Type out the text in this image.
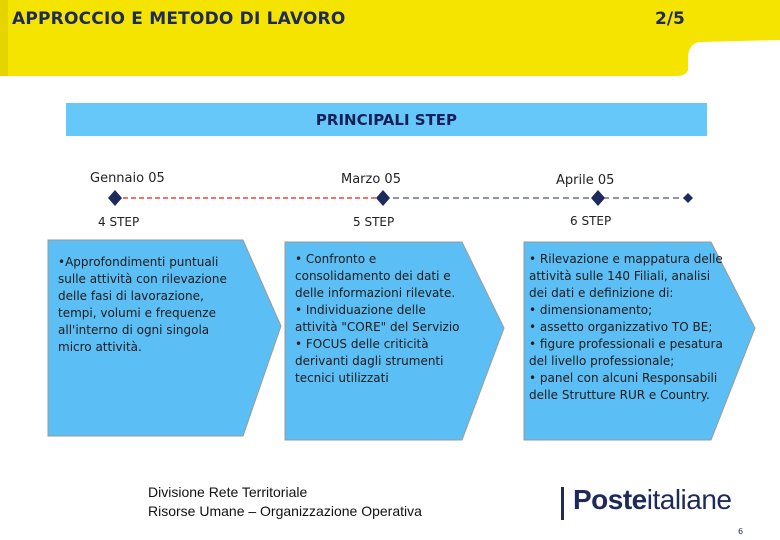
APPROCCIO E METODO DI LAVORO	2/5
PRINCIPALI STEP
Gennaio 05	Marzo 05	Aprile 05
4 STEP	5 STEP	6 STEP
•Approfondimenti puntuali
sulle attività con rilevazione
delle fasi di lavorazione,
tempi, volumi e frequenze
all'interno di ogni singola
micro attività.
• Confronto e
consolidamento dei dati e
delle informazioni rilevate.
• Individuazione delle
attività "CORE" del Servizio
• FOCUS delle criticità
derivanti dagli strumenti
tecnici utilizzati
• Rilevazione e mappatura delle
attività sulle 140 Filiali, analisi
dei dati e definizione di:
• dimensionamento;
• assetto organizzativo TO BE;
• figure professionali e pesatura
del livello professionale;
• panel con alcuni Responsabili
delle Strutture RUR e Country.
Divisione Rete Territoriale
Risorse Umane – Organizzazione Operativa	Posteitaliane
6
